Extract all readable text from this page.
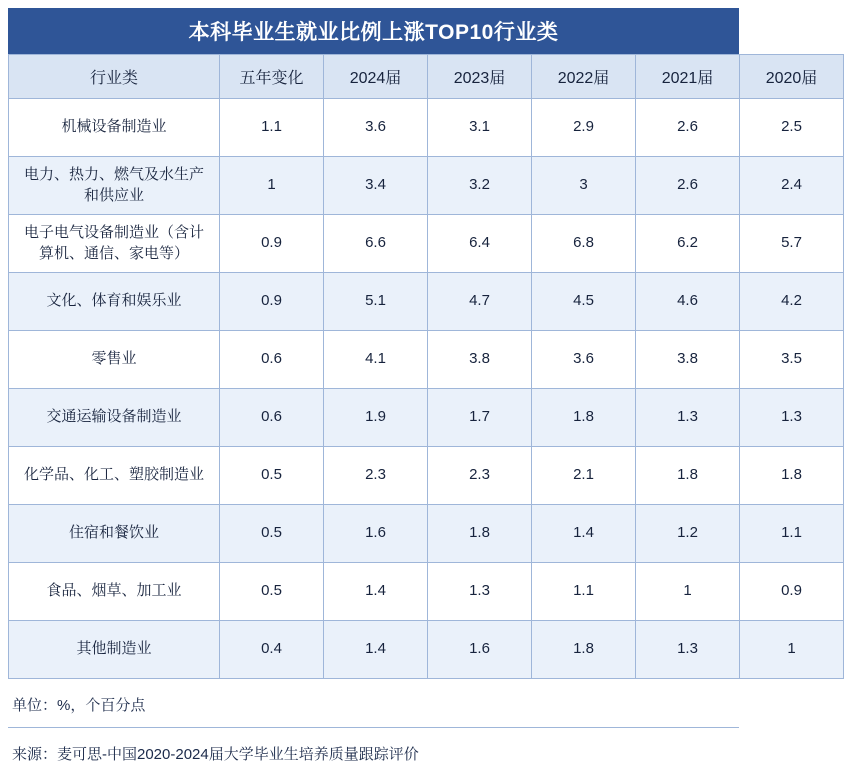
本科毕业生就业比例上涨TOP10行业类
行业类	五年变化	2024届	2023届	2022届	2021届	2020届
机械设备制造业	1.1	3.6	3.1	2.9	2.6	2.5
电力、热力、燃气及水生产和供应业	1	3.4	3.2	3	2.6	2.4
电子电气设备制造业（含计算机、通信、家电等）	0.9	6.6	6.4	6.8	6.2	5.7
文化、体育和娱乐业	0.9	5.1	4.7	4.5	4.6	4.2
零售业	0.6	4.1	3.8	3.6	3.8	3.5
交通运输设备制造业	0.6	1.9	1.7	1.8	1.3	1.3
化学品、化工、塑胶制造业	0.5	2.3	2.3	2.1	1.8	1.8
住宿和餐饮业	0.5	1.6	1.8	1.4	1.2	1.1
食品、烟草、加工业	0.5	1.4	1.3	1.1	1	0.9
其他制造业	0.4	1.4	1.6	1.8	1.3	1
单位：%，个百分点
来源：麦可思-中国2020-2024届大学毕业生培养质量跟踪评价
